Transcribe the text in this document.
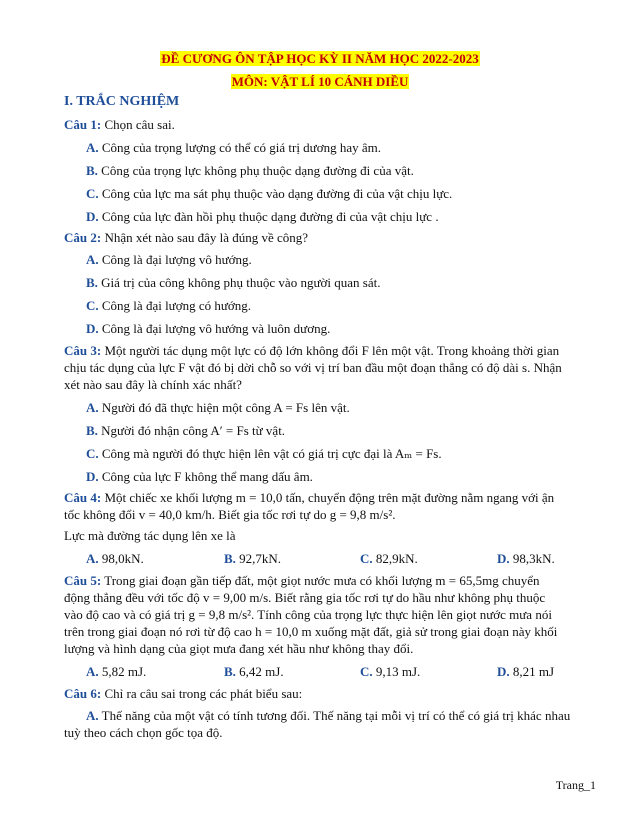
ĐỀ CƯƠNG ÔN TẬP HỌC KỲ II NĂM HỌC 2022-2023
MÔN: VẬT LÍ 10 CÁNH DIỀU
I. TRẮC NGHIỆM
Câu 1: Chọn câu sai.
A. Công của trọng lượng có thể có giá trị dương hay âm.
B. Công của trọng lực không phụ thuộc dạng đường đi của vật.
C. Công của lực ma sát phụ thuộc vào dạng đường đi của vật chịu lực.
D. Công của lực đàn hồi phụ thuộc dạng đường đi của vật chịu lực .
Câu 2: Nhận xét nào sau đây là đúng về công?
A. Công là đại lượng vô hướng.
B. Giá trị của công không phụ thuộc vào người quan sát.
C. Công là đại lượng có hướng.
D. Công là đại lượng vô hướng và luôn dương.
Câu 3: Một người tác dụng một lực có độ lớn không đổi F lên một vật. Trong khoảng thời gian
chịu tác dụng của lực F vật đó bị dời chỗ so với vị trí ban đầu một đoạn thẳng có độ dài s. Nhận
xét nào sau đây là chính xác nhất?
A. Người đó đã thực hiện một công A = Fs lên vật.
B. Người đó nhận công A′ = Fs từ vật.
C. Công mà người đó thực hiện lên vật có giá trị cực đại là Aₘ = Fs.
D. Công của lực F không thể mang dấu âm.
Câu 4: Một chiếc xe khối lượng m = 10,0 tấn, chuyển động trên mặt đường nằm ngang với ận
tốc không đổi v = 40,0 km/h. Biết gia tốc rơi tự do g = 9,8 m/s².
Lực mà đường tác dụng lên xe là
A. 98,0kN.	B. 92,7kN.	C. 82,9kN.	D. 98,3kN.
Câu 5: Trong giai đoạn gần tiếp đất, một giọt nước mưa có khối lượng m = 65,5mg chuyển
động thẳng đều với tốc độ v = 9,00 m/s. Biết rằng gia tốc rơi tự do hầu như không phụ thuộc
vào độ cao và có giá trị g = 9,8 m/s². Tính công của trọng lực thực hiện lên giọt nước mưa nói
trên trong giai đoạn nó rơi từ độ cao h = 10,0 m xuống mặt đất, giả sử trong giai đoạn này khối
lượng và hình dạng của giọt mưa đang xét hầu như không thay đổi.
A. 5,82 mJ.	B. 6,42 mJ.	C. 9,13 mJ.	D. 8,21 mJ
Câu 6: Chỉ ra câu sai trong các phát biểu sau:
A. Thế năng của một vật có tính tương đối. Thế năng tại mỗi vị trí có thể có giá trị khác nhau
tuỳ theo cách chọn gốc tọa độ.
Trang_1
